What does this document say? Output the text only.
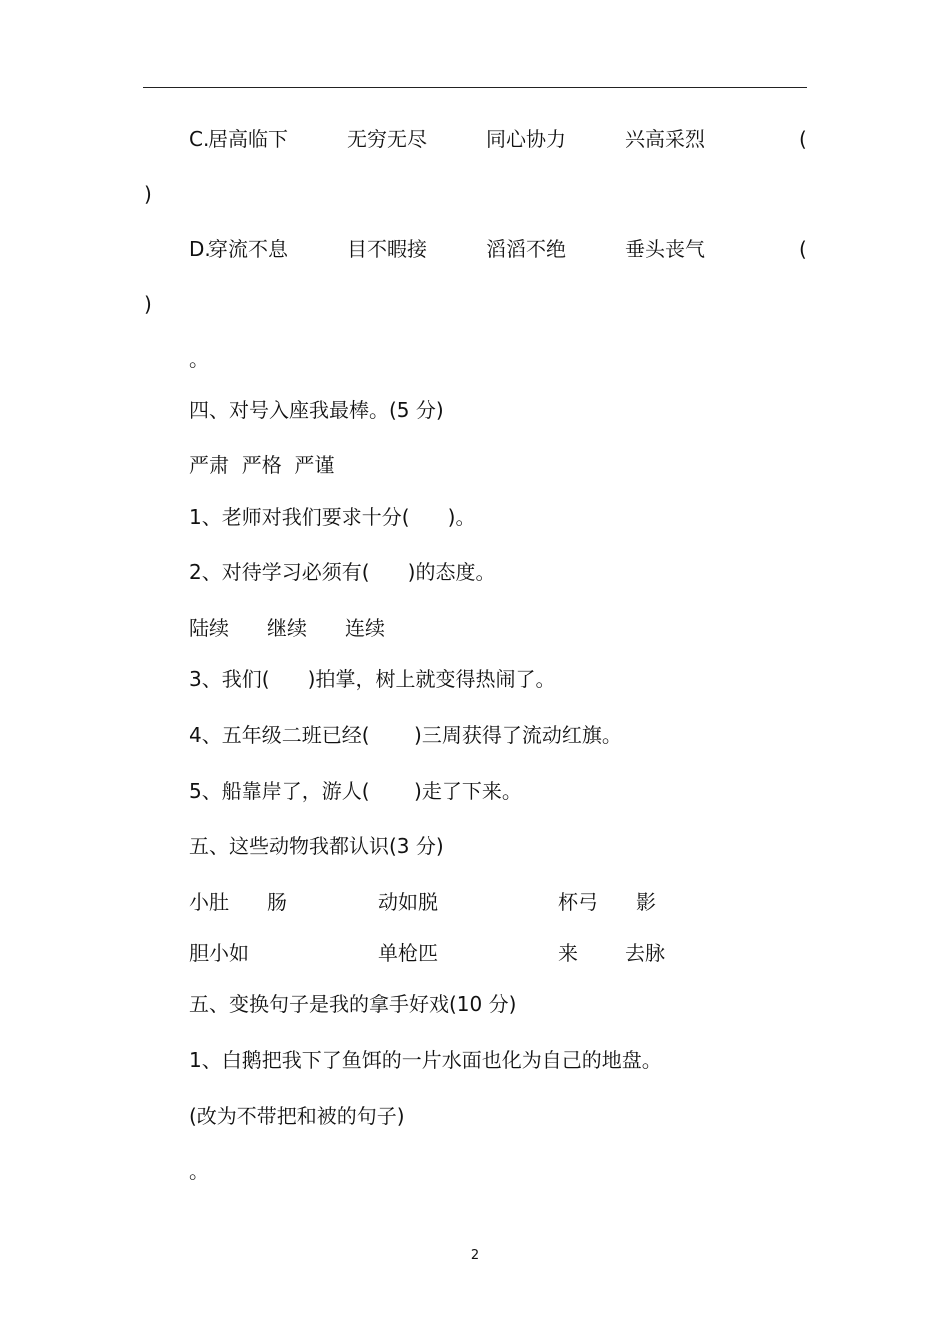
C.
居高临下	无穷无尽	同心协力	兴高采烈	(
)
D.
穿流不息	目不暇接	滔滔不绝	垂头丧气	(
)
。
四、对号入座我最棒。(5 分)
严肃  严格  严谨
1、老师对我们要求十分(      )。
2、对待学习必须有(      )的态度。
陆续 继续 连续
3、我们(      )拍掌，树上就变得热闹了。
4、五年级二班已经(       )三周获得了流动红旗。
5、船靠岸了，游人(       )走了下来。
五、这些动物我都认识(3 分)
小肚 肠	动如脱	杯弓 影
胆小如	单枪匹	来 去脉
五、变换句子是我的拿手好戏(10 分)
1、白鹅把我下了鱼饵的一片水面也化为自己的地盘。
(改为不带把和被的句子)
。
2
